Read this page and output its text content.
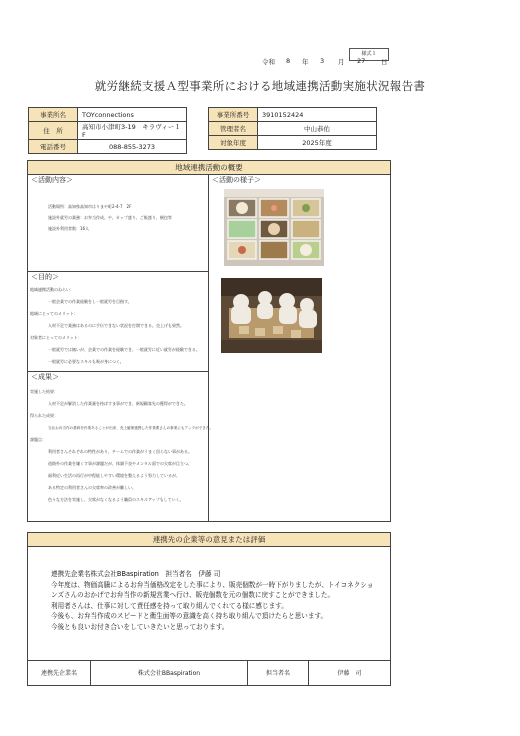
様式１
令和 8 年 3 月 27 日
就労継続支援Ａ型事業所における地域連携活動実施状況報告書
事業所名	TOYconnections
住　所	高知市小津町3-19　キラヴィー１F
電話番号	088-855-3273
事業所番号	3910152424
管理者名	中山恭佑
対象年度	2025年度
地域連携活動の概要
＜活動内容＞
活動場所：高知県高知市はりまや町2-4-7　2F
施設外就労の業務：お弁当作成、や、カップ盛り、ご飯盛り、梱包等
施設外利用者数：16人
＜目的＞
地域連携活動のねらい：
一般企業での作業経験をし一般就労を目指す。
地域にとってのメリット：
人材不足で業務はあるのに手伝できない状況を打開できる。売上げも果然。
対象者にとってのメリット：
一般就労では無いが、企業での作業を経験でき、一般就労に近い就労が経験できる。
一般就労に必要なスキルも吸が身につく。
＜成果＞
実施した結果：
人材不足が解消した作業量を持ぼすま事ができ、新規顧客先の獲得ができた。
得られた成果：
当社お弁当作の基幹を作業あることが出来、売上確保連携した作業要さんの事業にもアップができた。
課題点：
利用者さんそれぞれの特性があり、チームでの作業がうまく回らない事がある。
道路外の作業を嫌くす事が課題だが、体調不良やメンタル面での欠席が目立つ。
福利近い生活の再行が中程能しやすい環境を整えるよう努力しているが、
ある特定の利用者さんの欠席率の改善が難しい。
色々な方法を実施し、欠席がなくなるよう職員のスキルアップもしていく。
＜活動の様子＞
連携先の企業等の意見または評価
連携先企業名株式会社BBaspiration　担当者名　伊藤 司
今年度は、物価高騰によるお弁当価格改定をした事により、販売個数が一時下がりましたが、トイコネクショ
ンズさんのおかげでお弁当作の新規営業へ行け、販売個数を元の個数に戻すことができました。
利用者さんは、仕事に対して責任感を持って取り組んでくれてる様に感じます。
今後も、お弁当作成のスピードと衛生面等の意識を高く持ち取り組んで頂けたらと思います。
今後とも良いお付き合いをしていきたいと思っております。
連携先企業名	株式会社BBaspiration	担当者名	伊藤　司
